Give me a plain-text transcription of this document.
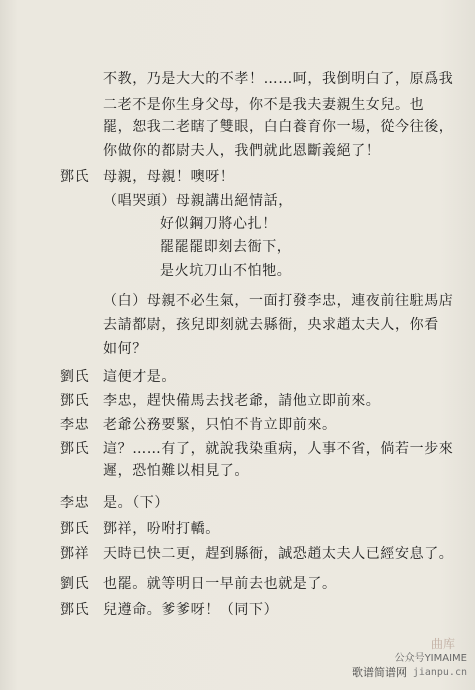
不教，乃是大大的不孝！……呵，我倒明白了，原爲我
二老不是你生身父母，你不是我夫妻親生女兒。也
罷，恕我二老瞎了雙眼，白白養育你一場，從今往後，
你做你的都尉夫人，我們就此恩斷義絕了！
鄧氏 母親，母親！噢呀！
（唱哭頭）母親講出絕情話，
好似鋼刀將心扎！
罷罷罷即刻去衙下，
是火坑刀山不怕牠。
（白）母親不必生氣，一面打發李忠，連夜前往駐馬店
去請都尉，孩兒即刻就去縣衙，央求趙太夫人，你看
如何？
劉氏 這便才是。
鄧氏 李忠，趕快備馬去找老爺，請他立即前來。
李忠 老爺公務要緊，只怕不肯立即前來。
鄧氏 這？……有了，就說我染重病，人事不省，倘若一步來
遲，恐怕難以相見了。
李忠 是。（下）
鄧氏 鄧祥，吩咐打轎。
鄧祥 天時已快二更，趕到縣衙，誠恐趙太夫人已經安息了。
劉氏 也罷。就等明日一早前去也就是了。
鄧氏 兒遵命。爹爹呀！（同下）
歌谱简谱网
曲库
公众号YIMAIME
jianpu.cn
